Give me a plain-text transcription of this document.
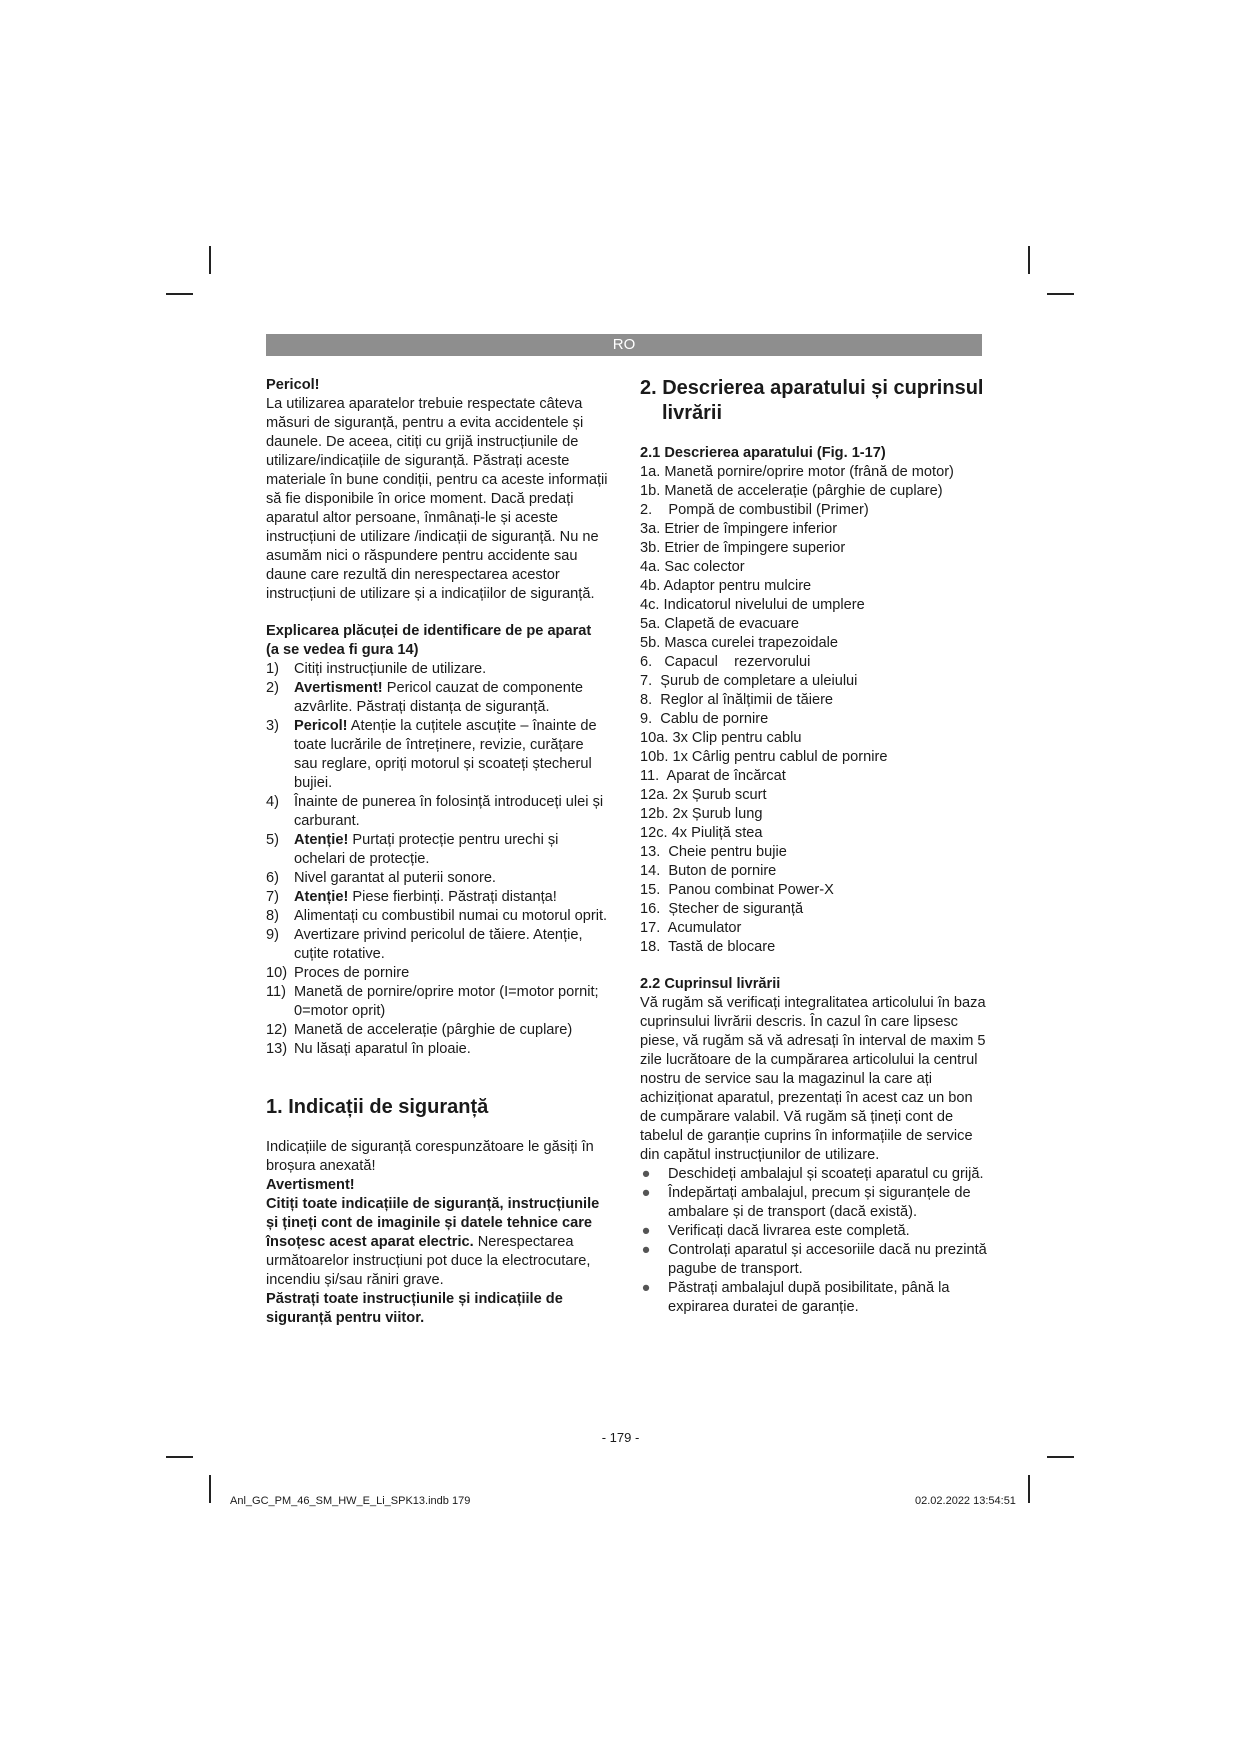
RO

Pericol!

La utilizarea aparatelor trebuie respectate câteva măsuri de siguranță, pentru a evita accidentele și daunele. De aceea, citiți cu grijă instrucțiunile de utilizare/indicațiile de siguranță. Păstrați aceste materiale în bune condiții, pentru ca aceste informații să fie disponibile în orice moment. Dacă predați aparatul altor persoane, înmânați-le și aceste instrucțiuni de utilizare /indicații de siguranță. Nu ne asumăm nici o răspundere pentru accidente sau daune care rezultă din nerespectarea acestor instrucțiuni de utilizare și a indicațiilor de siguranță.

Explicarea plăcuței de identificare de pe aparat (a se vedea fi gura 14)

1) Citiți instrucțiunile de utilizare.
2) Avertisment! Pericol cauzat de componente azvârlite. Păstrați distanța de siguranță.
3) Pericol! Atenție la cuțitele ascuțite – înainte de toate lucrările de întreținere, revizie, curățare sau reglare, opriți motorul și scoateți ștecherul bujiei.
4) Înainte de punerea în folosință introduceți ulei și carburant.
5) Atenție! Purtați protecție pentru urechi și ochelari de protecție.
6) Nivel garantat al puterii sonore.
7) Atenție! Piese fierbinți. Păstrați distanța!
8) Alimentați cu combustibil numai cu motorul oprit.
9) Avertizare privind pericolul de tăiere. Atenție, cuțite rotative.
10) Proces de pornire
11) Manetă de pornire/oprire motor (I=motor pornit; 0=motor oprit)
12) Manetă de accelerație (pârghie de cuplare)
13) Nu lăsați aparatul în ploaie.
1. Indicații de siguranță

Indicațiile de siguranță corespunzătoare le găsiți în broșura anexată!

Avertisment!

Citiți toate indicațiile de siguranță, instrucțiunile și țineți cont de imaginile și datele tehnice care însoțesc acest aparat electric. Nerespectarea următoarelor instrucțiuni pot duce la electrocutare, incendiu și/sau răniri grave.

Păstrați toate instrucțiunile și indicațiile de siguranță pentru viitor.

2. Descrierea aparatului și cuprinsul livrării

2.1 Descrierea aparatului (Fig. 1-17)

1a. Manetă pornire/oprire motor (frână de motor)
1b. Manetă de accelerație (pârghie de cuplare)
2.    Pompă de combustibil (Primer)
3a. Etrier de împingere inferior
3b. Etrier de împingere superior
4a. Sac colector
4b. Adaptor pentru mulcire
4c. Indicatorul nivelului de umplere
5a. Clapetă de evacuare
5b. Masca curelei trapezoidale
6.   Capacul    rezervorului
7.  Șurub de completare a uleiului
8.  Reglor al înălțimii de tăiere
9.  Cablu de pornire
10a. 3x Clip pentru cablu
10b. 1x Cârlig pentru cablul de pornire
11.  Aparat de încărcat
12a. 2x Șurub scurt
12b. 2x Șurub lung
12c. 4x Piuliță stea
13.  Cheie pentru bujie
14.  Buton de pornire
15.  Panou combinat Power-X
16.  Ștecher de siguranță
17.  Acumulator
18.  Tastă de blocare

2.2 Cuprinsul livrării

Vă rugăm să verificați integralitatea articolului în baza cuprinsului livrării descris. În cazul în care lipsesc piese, vă rugăm să vă adresați în interval de maxim 5 zile lucrătoare de la cumpărarea articolului la centrul nostru de service sau la magazinul la care ați achiziționat aparatul, prezentați în acest caz un bon de cumpărare valabil. Vă rugăm să țineți cont de tabelul de garanție cuprins în informațiile de service din capătul instrucțiunilor de utilizare.

● Deschideți ambalajul și scoateți aparatul cu grijă.
● Îndepărtați ambalajul, precum și siguranțele de ambalare și de transport (dacă există).
● Verificați dacă livrarea este completă.
● Controlați aparatul și accesoriile dacă nu prezintă pagube de transport.
● Păstrați ambalajul după posibilitate, până la expirarea duratei de garanție.
- 179 -
Anl_GC_PM_46_SM_HW_E_Li_SPK13.indb 179	02.02.2022 13:54:51
